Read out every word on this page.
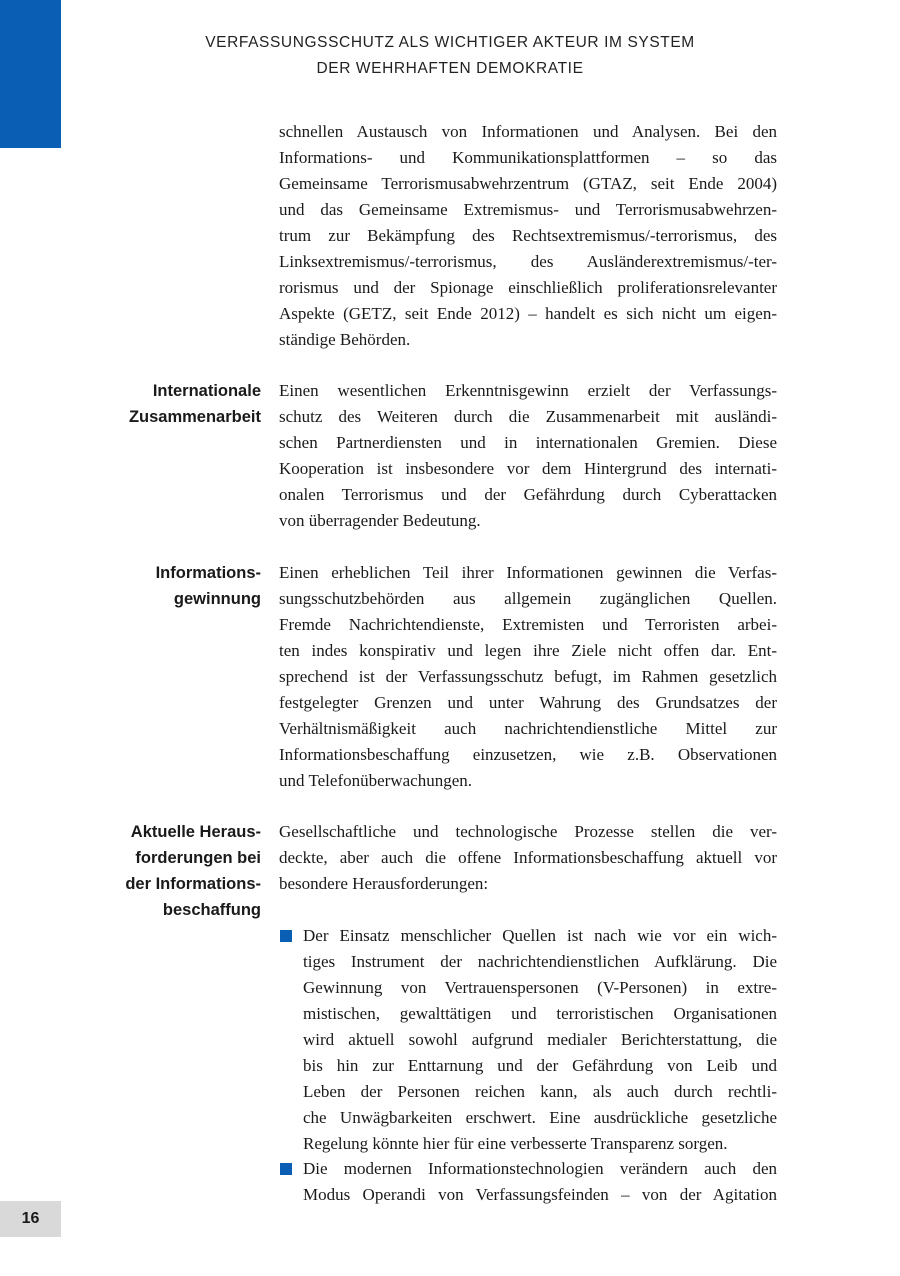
VERFASSUNGSSCHUTZ ALS WICHTIGER AKTEUR IM SYSTEM
DER WEHRHAFTEN DEMOKRATIE
schnellen Austausch von Informationen und Analysen. Bei den
Informations- und Kommunikationsplattformen – so das
Gemeinsame Terrorismusabwehrzentrum (GTAZ, seit Ende 2004)
und das Gemeinsame Extremismus- und Terrorismusabwehrzen-
trum zur Bekämpfung des Rechtsextremismus/-terrorismus, des
Linksextremismus/-terrorismus, des Ausländerextremismus/-ter-
rorismus und der Spionage einschließlich proliferationsrelevanter
Aspekte (GETZ, seit Ende 2012) – handelt es sich nicht um eigen-
ständige Behörden.
Internationale
Zusammenarbeit
Einen wesentlichen Erkenntnisgewinn erzielt der Verfassungs-
schutz des Weiteren durch die Zusammenarbeit mit ausländi-
schen Partnerdiensten und in internationalen Gremien. Diese
Kooperation ist insbesondere vor dem Hintergrund des internati-
onalen Terrorismus und der Gefährdung durch Cyberattacken
von überragender Bedeutung.
Informations-
gewinnung
Einen erheblichen Teil ihrer Informationen gewinnen die Verfas-
sungsschutzbehörden aus allgemein zugänglichen Quellen.
Fremde Nachrichtendienste, Extremisten und Terroristen arbei-
ten indes konspirativ und legen ihre Ziele nicht offen dar. Ent-
sprechend ist der Verfassungsschutz befugt, im Rahmen gesetzlich
festgelegter Grenzen und unter Wahrung des Grundsatzes der
Verhältnismäßigkeit auch nachrichtendienstliche Mittel zur
Informationsbeschaffung einzusetzen, wie z.B. Observationen
und Telefonüberwachungen.
Aktuelle Heraus-
forderungen bei
der Informations-
beschaffung
Gesellschaftliche und technologische Prozesse stellen die ver-
deckte, aber auch die offene Informationsbeschaffung aktuell vor
besondere Herausforderungen:
Der Einsatz menschlicher Quellen ist nach wie vor ein wich-
tiges Instrument der nachrichtendienstlichen Aufklärung. Die
Gewinnung von Vertrauenspersonen (V-Personen) in extre-
mistischen, gewalttätigen und terroristischen Organisationen
wird aktuell sowohl aufgrund medialer Berichterstattung, die
bis hin zur Enttarnung und der Gefährdung von Leib und
Leben der Personen reichen kann, als auch durch rechtli-
che Unwägbarkeiten erschwert. Eine ausdrückliche gesetzliche
Regelung könnte hier für eine verbesserte Transparenz sorgen.
Die modernen Informationstechnologien verändern auch den
Modus Operandi von Verfassungsfeinden – von der Agitation
16
